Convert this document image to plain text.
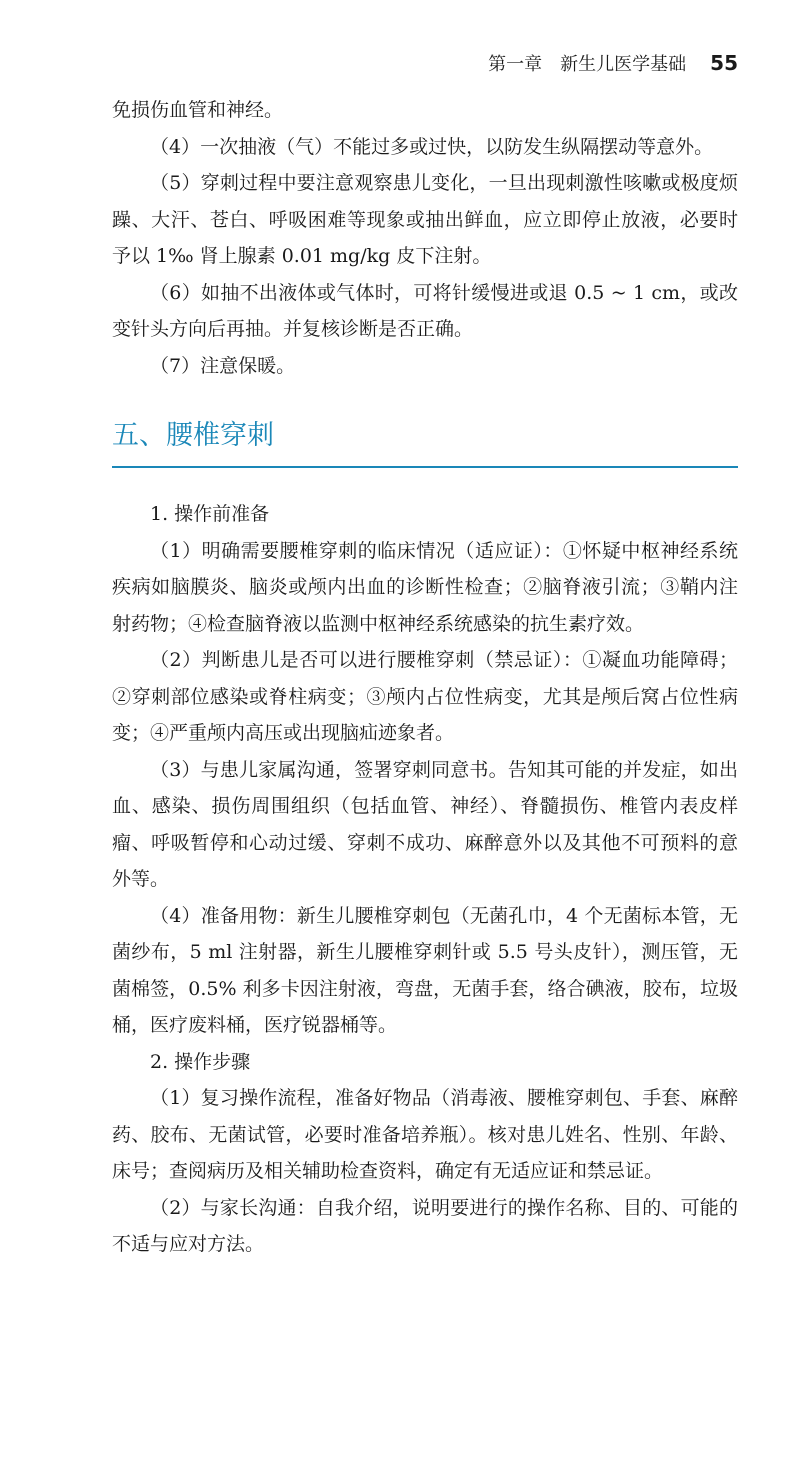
第一章　新生儿医学基础 55

免损伤血管和神经。

（4）一次抽液（气）不能过多或过快，以防发生纵隔摆动等意外。

（5）穿刺过程中要注意观察患儿变化，一旦出现刺激性咳嗽或极度烦躁、大汗、苍白、呼吸困难等现象或抽出鲜血，应立即停止放液，必要时予以 1‰ 肾上腺素 0.01 mg/kg 皮下注射。

（6）如抽不出液体或气体时，可将针缓慢进或退 0.5 ~ 1 cm，或改变针头方向后再抽。并复核诊断是否正确。

（7）注意保暖。

五、腰椎穿刺

1. 操作前准备

（1）明确需要腰椎穿刺的临床情况（适应证）：①怀疑中枢神经系统疾病如脑膜炎、脑炎或颅内出血的诊断性检查；②脑脊液引流；③鞘内注射药物；④检查脑脊液以监测中枢神经系统感染的抗生素疗效。

（2）判断患儿是否可以进行腰椎穿刺（禁忌证）：①凝血功能障碍；②穿刺部位感染或脊柱病变；③颅内占位性病变，尤其是颅后窝占位性病变；④严重颅内高压或出现脑疝迹象者。

（3）与患儿家属沟通，签署穿刺同意书。告知其可能的并发症，如出血、感染、损伤周围组织（包括血管、神经）、脊髓损伤、椎管内表皮样瘤、呼吸暂停和心动过缓、穿刺不成功、麻醉意外以及其他不可预料的意外等。

（4）准备用物：新生儿腰椎穿刺包（无菌孔巾，4 个无菌标本管，无菌纱布，5 ml 注射器，新生儿腰椎穿刺针或 5.5 号头皮针），测压管，无菌棉签，0.5% 利多卡因注射液，弯盘，无菌手套，络合碘液，胶布，垃圾桶，医疗废料桶，医疗锐器桶等。

2. 操作步骤

（1）复习操作流程，准备好物品（消毒液、腰椎穿刺包、手套、麻醉药、胶布、无菌试管，必要时准备培养瓶）。核对患儿姓名、性别、年龄、床号；查阅病历及相关辅助检查资料，确定有无适应证和禁忌证。

（2）与家长沟通：自我介绍，说明要进行的操作名称、目的、可能的不适与应对方法。
